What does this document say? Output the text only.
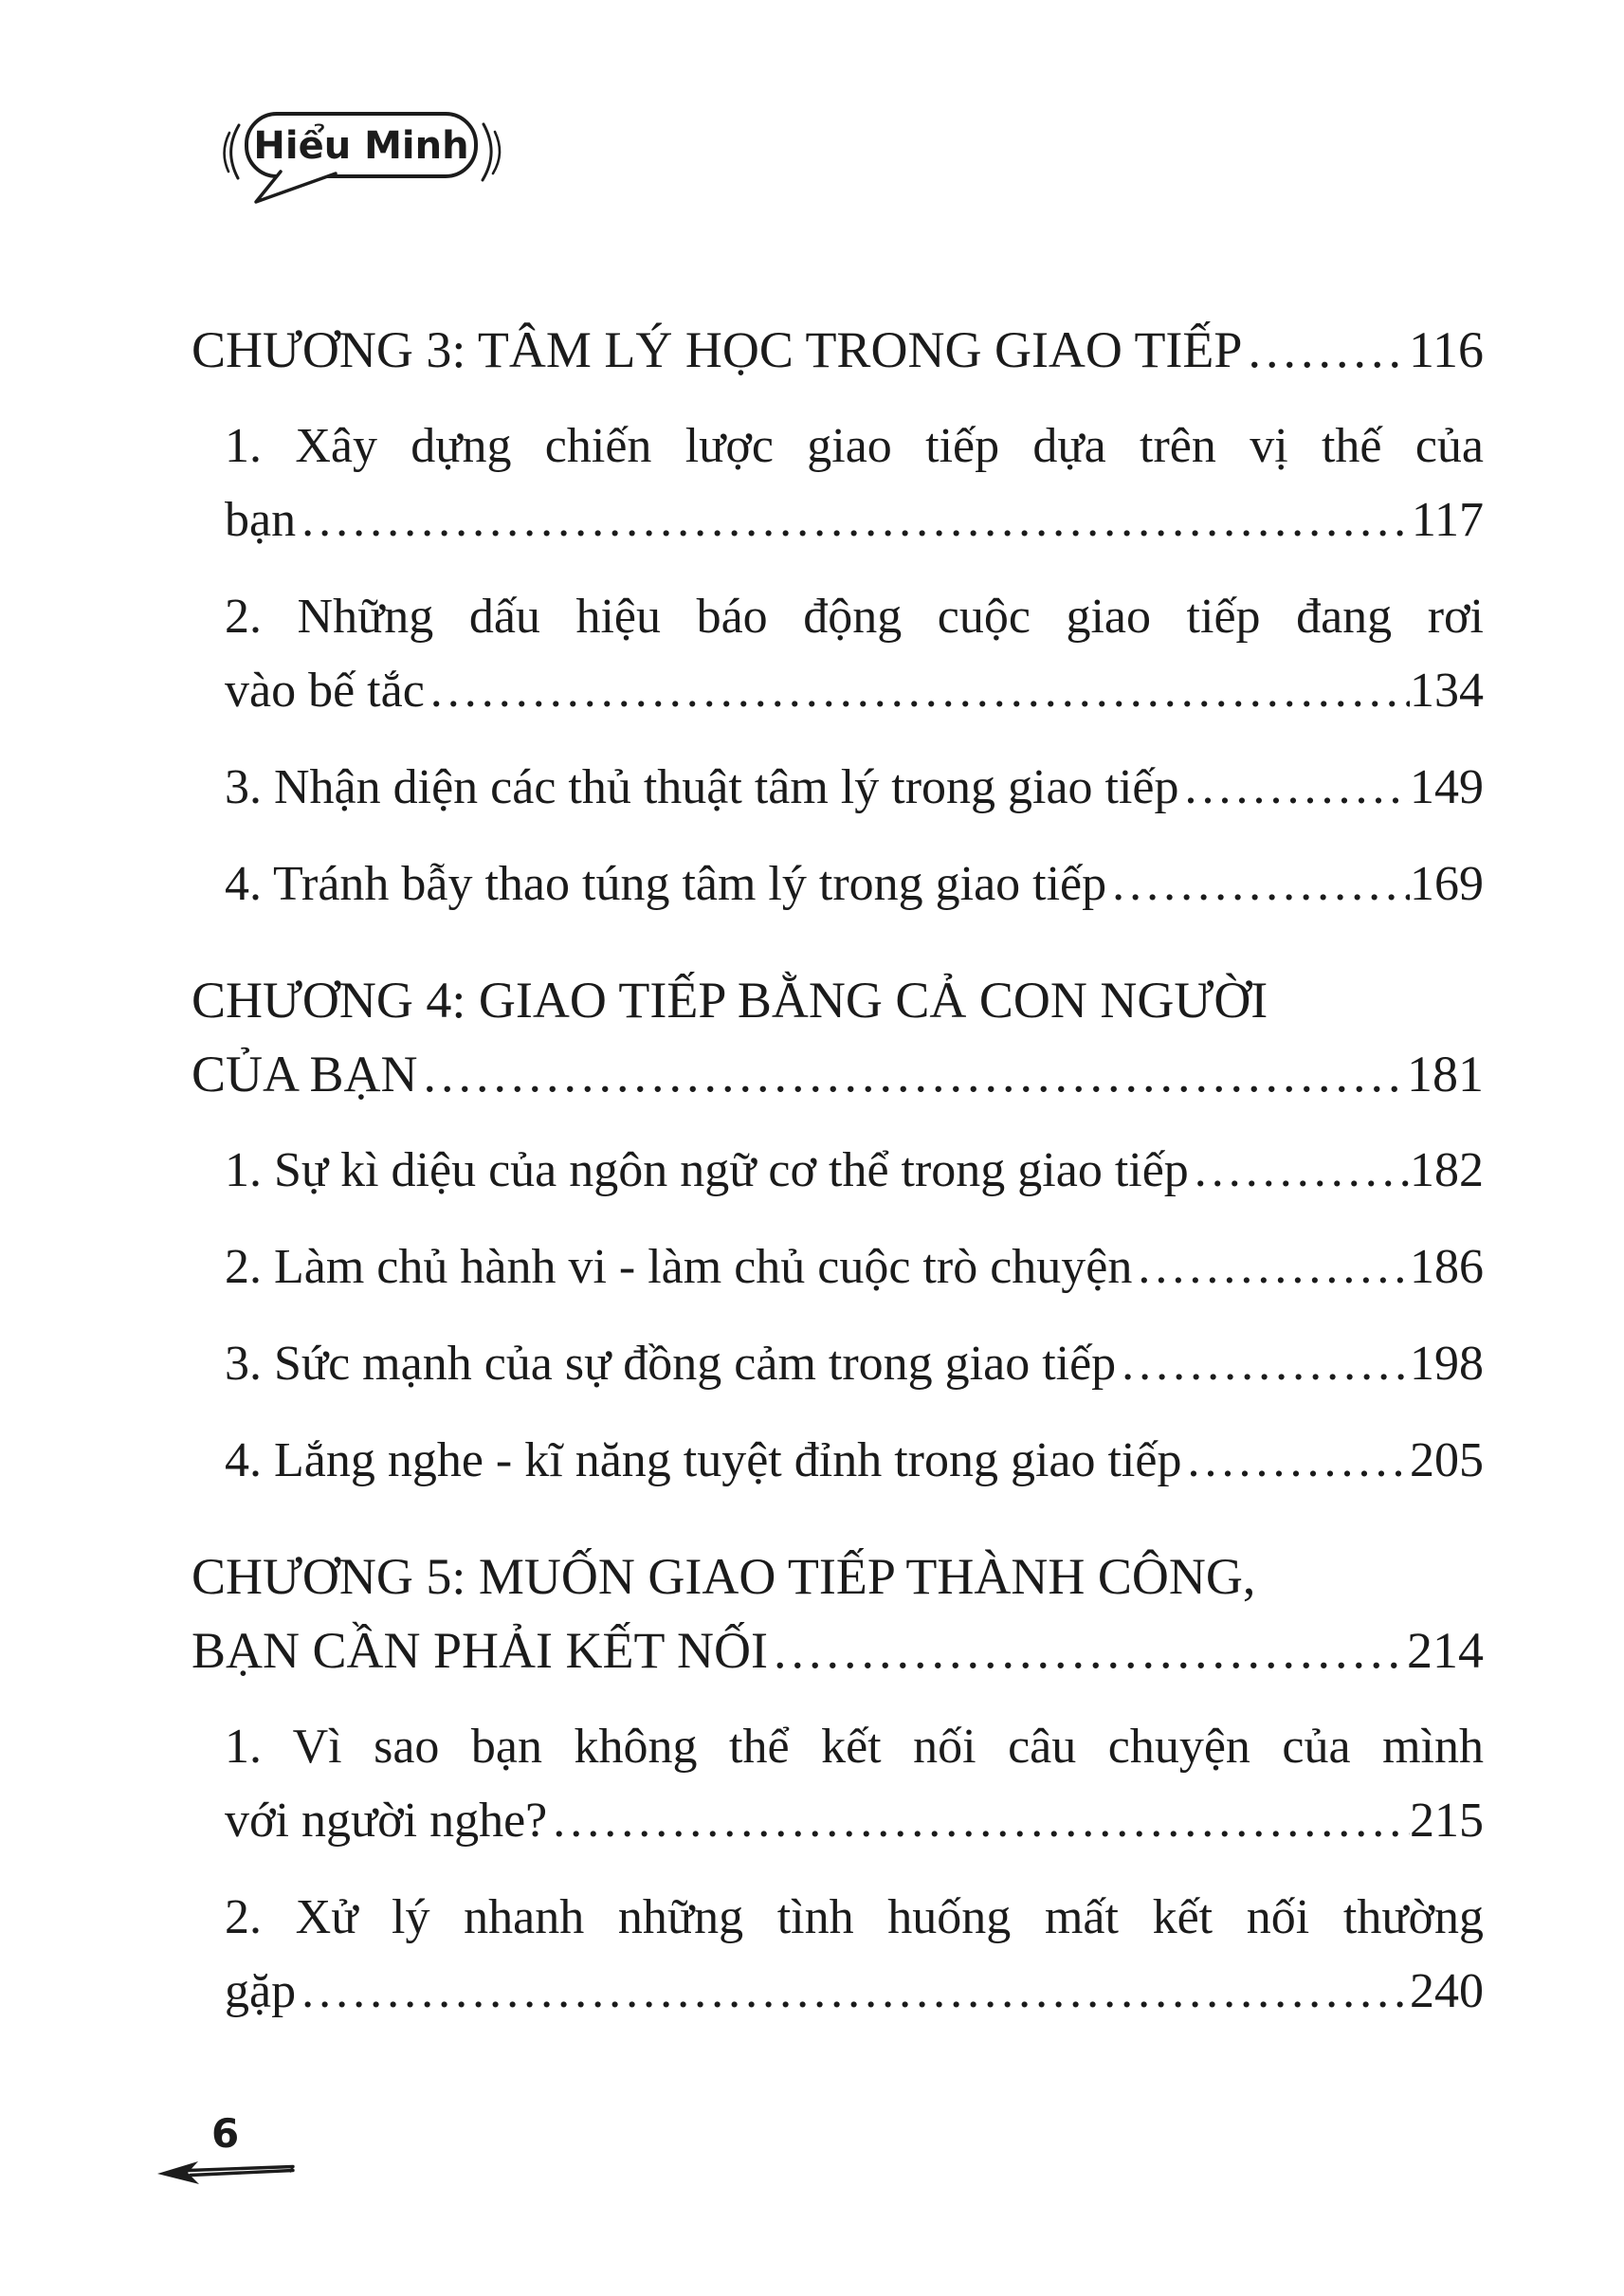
Hiểu Minh
CHƯƠNG 3: TÂM LÝ HỌC TRONG GIAO TIẾP .....	116
1. Xây dựng chiến lược giao tiếp dựa trên vị thế của
bạn .....	117
2. Những dấu hiệu báo động cuộc giao tiếp đang rơi
vào bế tắc .....	134
3. Nhận diện các thủ thuật tâm lý trong giao tiếp .....	149
4. Tránh bẫy thao túng tâm lý trong giao tiếp .....	169
CHƯƠNG 4: GIAO TIẾP BẰNG CẢ CON NGƯỜI
CỦA BẠN .....	181
1. Sự kì diệu của ngôn ngữ cơ thể trong giao tiếp .....	182
2. Làm chủ hành vi - làm chủ cuộc trò chuyện .....	186
3. Sức mạnh của sự đồng cảm trong giao tiếp .....	198
4. Lắng nghe - kĩ năng tuyệt đỉnh trong giao tiếp .....	205
CHƯƠNG 5: MUỐN GIAO TIẾP THÀNH CÔNG,
BẠN CẦN PHẢI KẾT NỐI .....	214
1. Vì sao bạn không thể kết nối câu chuyện của mình
với người nghe? .....	215
2. Xử lý nhanh những tình huống mất kết nối thường
gặp .....	240
6
